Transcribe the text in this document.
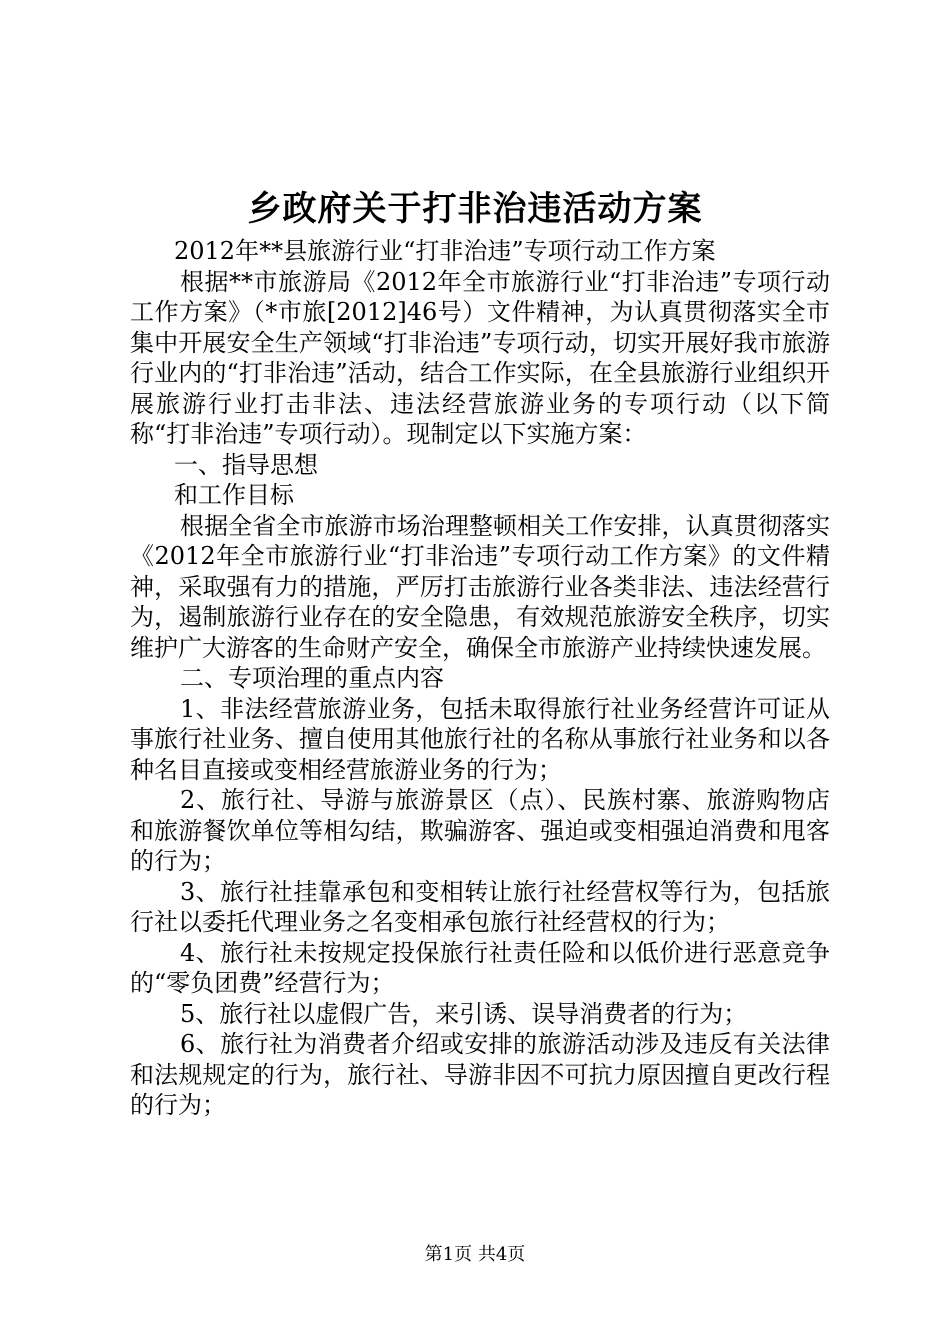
乡政府关于打非治违活动方案

2012年**县旅游行业“打非治违”专项行动工作方案

根据**市旅游局《2012年全市旅游行业“打非治违”专项行动工作方案》（*市旅[2012]46号）文件精神，为认真贯彻落实全市集中开展安全生产领域“打非治违”专项行动，切实开展好我市旅游行业内的“打非治违”活动，结合工作实际，在全县旅游行业组织开展旅游行业打击非法、违法经营旅游业务的专项行动（以下简称“打非治违”专项行动）。现制定以下实施方案：

一、指导思想

和工作目标

根据全省全市旅游市场治理整顿相关工作安排，认真贯彻落实《2012年全市旅游行业“打非治违”专项行动工作方案》的文件精神，采取强有力的措施，严厉打击旅游行业各类非法、违法经营行为，遏制旅游行业存在的安全隐患，有效规范旅游安全秩序，切实维护广大游客的生命财产安全，确保全市旅游产业持续快速发展。

二、专项治理的重点内容

1、非法经营旅游业务，包括未取得旅行社业务经营许可证从事旅行社业务、擅自使用其他旅行社的名称从事旅行社业务和以各种名目直接或变相经营旅游业务的行为；

2、旅行社、导游与旅游景区（点）、民族村寨、旅游购物店和旅游餐饮单位等相勾结，欺骗游客、强迫或变相强迫消费和甩客的行为；

3、旅行社挂靠承包和变相转让旅行社经营权等行为，包括旅行社以委托代理业务之名变相承包旅行社经营权的行为；

4、旅行社未按规定投保旅行社责任险和以低价进行恶意竞争的“零负团费”经营行为；

5、旅行社以虚假广告，来引诱、误导消费者的行为；

6、旅行社为消费者介绍或安排的旅游活动涉及违反有关法律和法规规定的行为，旅行社、导游非因不可抗力原因擅自更改行程的行为；

第1页 共4页
